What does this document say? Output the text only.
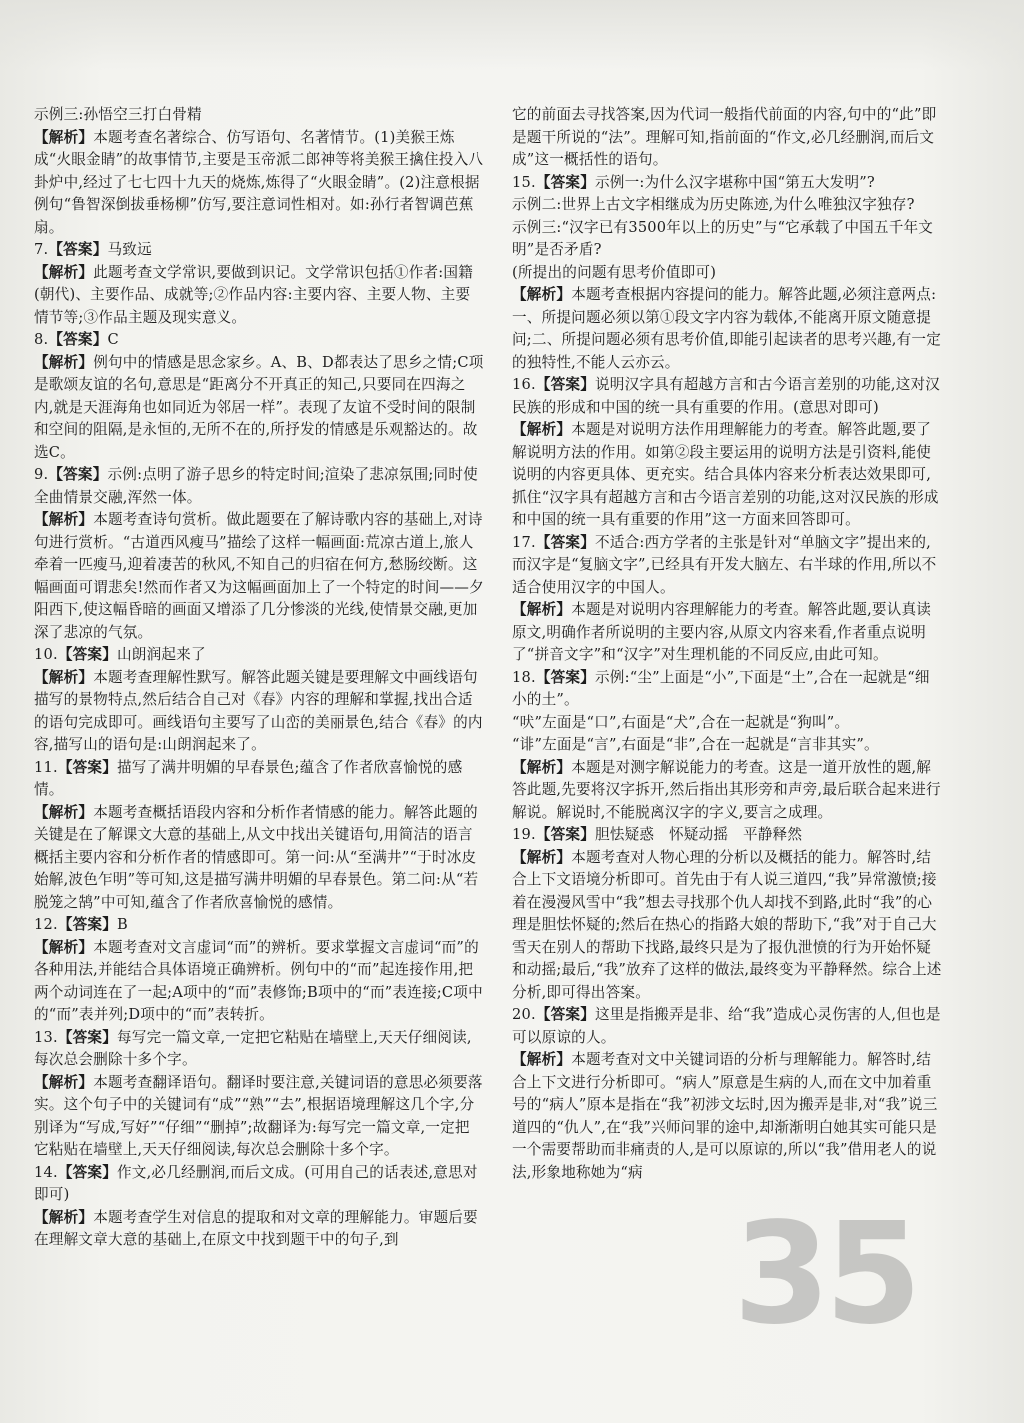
示例三:孙悟空三打白骨精

【解析】本题考查名著综合、仿写语句、名著情节。(1)美猴王炼成“火眼金睛”的故事情节,主要是玉帝派二郎神等将美猴王擒住投入八卦炉中,经过了七七四十九天的烧炼,炼得了“火眼金睛”。(2)注意根据例句“鲁智深倒拔垂杨柳”仿写,要注意词性相对。如:孙行者智调芭蕉扇。

7.【答案】马致远

【解析】此题考查文学常识,要做到识记。文学常识包括①作者:国籍(朝代)、主要作品、成就等;②作品内容:主要内容、主要人物、主要情节等;③作品主题及现实意义。

8.【答案】C

【解析】例句中的情感是思念家乡。A、B、D都表达了思乡之情;C项是歌颂友谊的名句,意思是“距离分不开真正的知己,只要同在四海之内,就是天涯海角也如同近为邻居一样”。表现了友谊不受时间的限制和空间的阻隔,是永恒的,无所不在的,所抒发的情感是乐观豁达的。故选C。

9.【答案】示例:点明了游子思乡的特定时间;渲染了悲凉氛围;同时使全曲情景交融,浑然一体。

【解析】本题考查诗句赏析。做此题要在了解诗歌内容的基础上,对诗句进行赏析。“古道西风瘦马”描绘了这样一幅画面:荒凉古道上,旅人牵着一匹瘦马,迎着凄苦的秋风,不知自己的归宿在何方,愁肠绞断。这幅画面可谓悲矣!然而作者又为这幅画面加上了一个特定的时间——夕阳西下,使这幅昏暗的画面又增添了几分惨淡的光线,使情景交融,更加深了悲凉的气氛。

10.【答案】山朗润起来了

【解析】本题考查理解性默写。解答此题关键是要理解文中画线语句描写的景物特点,然后结合自己对《春》内容的理解和掌握,找出合适的语句完成即可。画线语句主要写了山峦的美丽景色,结合《春》的内容,描写山的语句是:山朗润起来了。

11.【答案】描写了满井明媚的早春景色;蕴含了作者欣喜愉悦的感情。

【解析】本题考查概括语段内容和分析作者情感的能力。解答此题的关键是在了解课文大意的基础上,从文中找出关键语句,用简洁的语言概括主要内容和分析作者的情感即可。第一问:从“至满井”“于时冰皮始解,波色乍明”等可知,这是描写满井明媚的早春景色。第二问:从“若脱笼之鹄”中可知,蕴含了作者欣喜愉悦的感情。

12.【答案】B

【解析】本题考查对文言虚词“而”的辨析。要求掌握文言虚词“而”的各种用法,并能结合具体语境正确辨析。例句中的“而”起连接作用,把两个动词连在了一起;A项中的“而”表修饰;B项中的“而”表连接;C项中的“而”表并列;D项中的“而”表转折。

13.【答案】每写完一篇文章,一定把它粘贴在墙壁上,天天仔细阅读,每次总会删除十多个字。

【解析】本题考查翻译语句。翻译时要注意,关键词语的意思必须要落实。这个句子中的关键词有“成”“熟”“去”,根据语境理解这几个字,分别译为“写成,写好”“仔细”“删掉”;故翻译为:每写完一篇文章,一定把它粘贴在墙壁上,天天仔细阅读,每次总会删除十多个字。

14.【答案】作文,必几经删润,而后文成。(可用自己的话表述,意思对即可)

【解析】本题考查学生对信息的提取和对文章的理解能力。审题后要在理解文章大意的基础上,在原文中找到题干中的句子,到

它的前面去寻找答案,因为代词一般指代前面的内容,句中的“此”即是题干所说的“法”。理解可知,指前面的“作文,必几经删润,而后文成”这一概括性的语句。

15.【答案】示例一:为什么汉字堪称中国“第五大发明”?

示例二:世界上古文字相继成为历史陈迹,为什么唯独汉字独存?

示例三:“汉字已有3500年以上的历史”与“它承载了中国五千年文明”是否矛盾?

(所提出的问题有思考价值即可)

【解析】本题考查根据内容提问的能力。解答此题,必须注意两点:一、所提问题必须以第①段文字内容为载体,不能离开原文随意提问;二、所提问题必须有思考价值,即能引起读者的思考兴趣,有一定的独特性,不能人云亦云。

16.【答案】说明汉字具有超越方言和古今语言差别的功能,这对汉民族的形成和中国的统一具有重要的作用。(意思对即可)

【解析】本题是对说明方法作用理解能力的考查。解答此题,要了解说明方法的作用。如第②段主要运用的说明方法是引资料,能使说明的内容更具体、更充实。结合具体内容来分析表达效果即可,抓住“汉字具有超越方言和古今语言差别的功能,这对汉民族的形成和中国的统一具有重要的作用”这一方面来回答即可。

17.【答案】不适合:西方学者的主张是针对“单脑文字”提出来的,而汉字是“复脑文字”,已经具有开发大脑左、右半球的作用,所以不适合使用汉字的中国人。

【解析】本题是对说明内容理解能力的考查。解答此题,要认真读原文,明确作者所说明的主要内容,从原文内容来看,作者重点说明了“拼音文字”和“汉字”对生理机能的不同反应,由此可知。

18.【答案】示例:“尘”上面是“小”,下面是“土”,合在一起就是“细小的土”。

“吠”左面是“口”,右面是“犬”,合在一起就是“狗叫”。

“诽”左面是“言”,右面是“非”,合在一起就是“言非其实”。

【解析】本题是对测字解说能力的考查。这是一道开放性的题,解答此题,先要将汉字拆开,然后指出其形旁和声旁,最后联合起来进行解说。解说时,不能脱离汉字的字义,要言之成理。

19.【答案】胆怯疑惑　怀疑动摇　平静释然

【解析】本题考查对人物心理的分析以及概括的能力。解答时,结合上下文语境分析即可。首先由于有人说三道四,“我”异常激愤;接着在漫漫风雪中“我”想去寻找那个仇人却找不到路,此时“我”的心理是胆怯怀疑的;然后在热心的指路大娘的帮助下,“我”对于自己大雪天在别人的帮助下找路,最终只是为了报仇泄愤的行为开始怀疑和动摇;最后,“我”放弃了这样的做法,最终变为平静释然。综合上述分析,即可得出答案。

20.【答案】这里是指搬弄是非、给“我”造成心灵伤害的人,但也是可以原谅的人。

【解析】本题考查对文中关键词语的分析与理解能力。解答时,结合上下文进行分析即可。“病人”原意是生病的人,而在文中加着重号的“病人”原本是指在“我”初涉文坛时,因为搬弄是非,对“我”说三道四的“仇人”,在“我”兴师问罪的途中,却渐渐明白她其实可能只是一个需要帮助而非痛责的人,是可以原谅的,所以“我”借用老人的说法,形象地称她为“病

35
